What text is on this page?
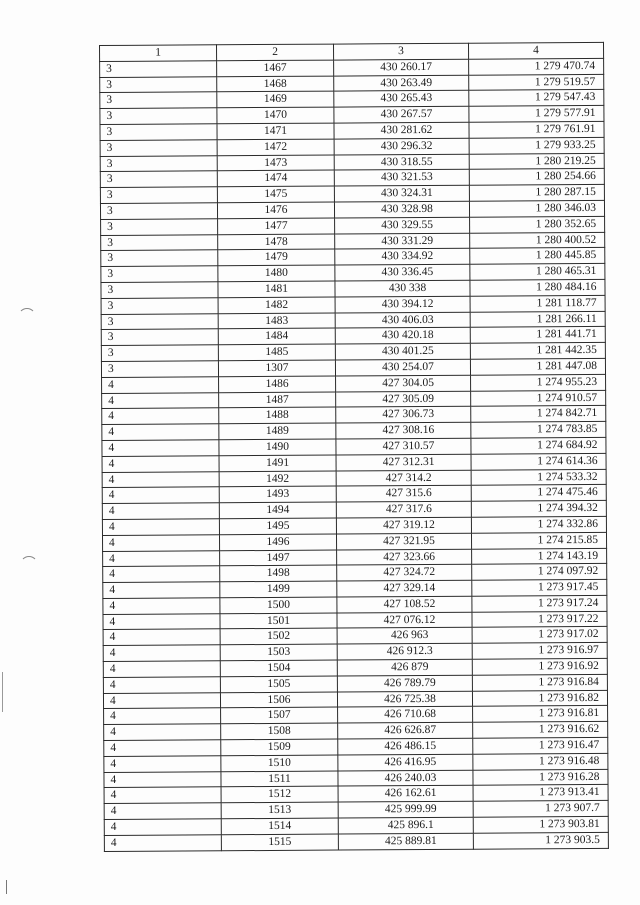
1	2	3	4
3	1467	430 260.17	1 279 470.74
3	1468	430 263.49	1 279 519.57
3	1469	430 265.43	1 279 547.43
3	1470	430 267.57	1 279 577.91
3	1471	430 281.62	1 279 761.91
3	1472	430 296.32	1 279 933.25
3	1473	430 318.55	1 280 219.25
3	1474	430 321.53	1 280 254.66
3	1475	430 324.31	1 280 287.15
3	1476	430 328.98	1 280 346.03
3	1477	430 329.55	1 280 352.65
3	1478	430 331.29	1 280 400.52
3	1479	430 334.92	1 280 445.85
3	1480	430 336.45	1 280 465.31
3	1481	430 338	1 280 484.16
3	1482	430 394.12	1 281 118.77
3	1483	430 406.03	1 281 266.11
3	1484	430 420.18	1 281 441.71
3	1485	430 401.25	1 281 442.35
3	1307	430 254.07	1 281 447.08
4	1486	427 304.05	1 274 955.23
4	1487	427 305.09	1 274 910.57
4	1488	427 306.73	1 274 842.71
4	1489	427 308.16	1 274 783.85
4	1490	427 310.57	1 274 684.92
4	1491	427 312.31	1 274 614.36
4	1492	427 314.2	1 274 533.32
4	1493	427 315.6	1 274 475.46
4	1494	427 317.6	1 274 394.32
4	1495	427 319.12	1 274 332.86
4	1496	427 321.95	1 274 215.85
4	1497	427 323.66	1 274 143.19
4	1498	427 324.72	1 274 097.92
4	1499	427 329.14	1 273 917.45
4	1500	427 108.52	1 273 917.24
4	1501	427 076.12	1 273 917.22
4	1502	426 963	1 273 917.02
4	1503	426 912.3	1 273 916.97
4	1504	426 879	1 273 916.92
4	1505	426 789.79	1 273 916.84
4	1506	426 725.38	1 273 916.82
4	1507	426 710.68	1 273 916.81
4	1508	426 626.87	1 273 916.62
4	1509	426 486.15	1 273 916.47
4	1510	426 416.95	1 273 916.48
4	1511	426 240.03	1 273 916.28
4	1512	426 162.61	1 273 913.41
4	1513	425 999.99	1 273 907.7
4	1514	425 896.1	1 273 903.81
4	1515	425 889.81	1 273 903.5
